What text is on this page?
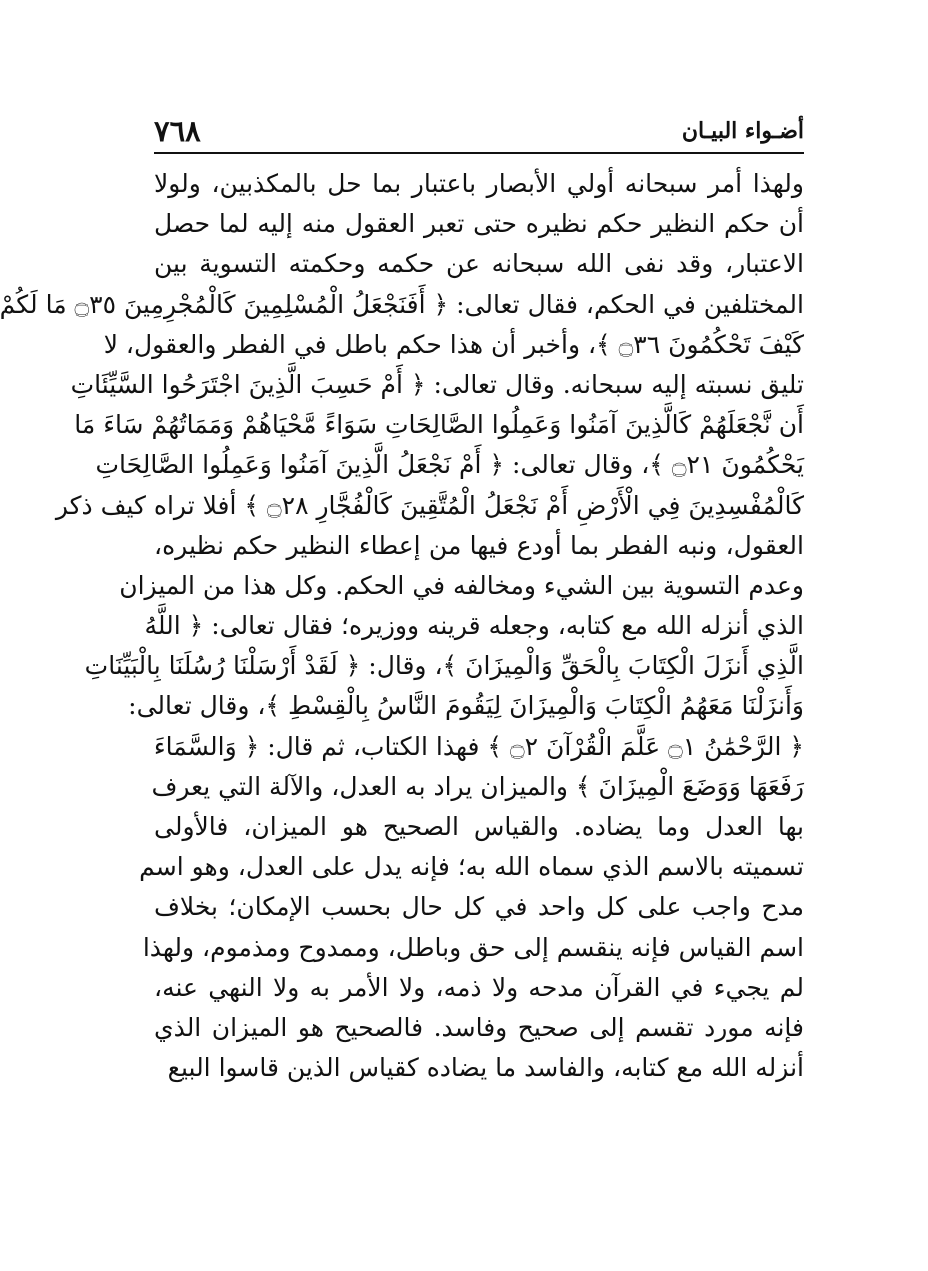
أضـواء البيـان
٧٦٨
ولهذا أمر سبحانه أولي الأبصار باعتبار بما حل بالمكذبين، ولولا
أن حكم النظير حكم نظيره حتى تعبر العقول منه إليه لما حصل
الاعتبار، وقد نفى الله سبحانه عن حكمه وحكمته التسوية بين
المختلفين في الحكم، فقال تعالى: ﴿ أَفَنَجْعَلُ الْمُسْلِمِينَ كَالْمُجْرِمِينَ ۝٣٥ مَا لَكُمْ
كَيْفَ تَحْكُمُونَ ۝٣٦ ﴾، وأخبر أن هذا حكم باطل في الفطر والعقول، لا
تليق نسبته إليه سبحانه. وقال تعالى: ﴿ أَمْ حَسِبَ الَّذِينَ اجْتَرَحُوا السَّيِّئَاتِ
أَن نَّجْعَلَهُمْ كَالَّذِينَ آمَنُوا وَعَمِلُوا الصَّالِحَاتِ سَوَاءً مَّحْيَاهُمْ وَمَمَاتُهُمْ سَاءَ مَا
يَحْكُمُونَ ۝٢١ ﴾، وقال تعالى: ﴿ أَمْ نَجْعَلُ الَّذِينَ آمَنُوا وَعَمِلُوا الصَّالِحَاتِ
كَالْمُفْسِدِينَ فِي الْأَرْضِ أَمْ نَجْعَلُ الْمُتَّقِينَ كَالْفُجَّارِ ۝٢٨ ﴾ أفلا تراه كيف ذكر
العقول، ونبه الفطر بما أودع فيها من إعطاء النظير حكم نظيره،
وعدم التسوية بين الشيء ومخالفه في الحكم. وكل هذا من الميزان
الذي أنزله الله مع كتابه، وجعله قرينه ووزيره؛ فقال تعالى: ﴿ اللَّهُ
الَّذِي أَنزَلَ الْكِتَابَ بِالْحَقِّ وَالْمِيزَانَ ﴾، وقال: ﴿ لَقَدْ أَرْسَلْنَا رُسُلَنَا بِالْبَيِّنَاتِ
وَأَنزَلْنَا مَعَهُمُ الْكِتَابَ وَالْمِيزَانَ لِيَقُومَ النَّاسُ بِالْقِسْطِ ﴾، وقال تعالى:
﴿ الرَّحْمَٰنُ ۝١ عَلَّمَ الْقُرْآنَ ۝٢ ﴾ فهذا الكتاب، ثم قال: ﴿ وَالسَّمَاءَ
رَفَعَهَا وَوَضَعَ الْمِيزَانَ ﴾ والميزان يراد به العدل، والآلة التي يعرف
بها العدل وما يضاده. والقياس الصحيح هو الميزان، فالأولى
تسميته بالاسم الذي سماه الله به؛ فإنه يدل على العدل، وهو اسم
مدح واجب على كل واحد في كل حال بحسب الإمكان؛ بخلاف
اسم القياس فإنه ينقسم إلى حق وباطل، وممدوح ومذموم، ولهذا
لم يجيء في القرآن مدحه ولا ذمه، ولا الأمر به ولا النهي عنه،
فإنه مورد تقسم إلى صحيح وفاسد. فالصحيح هو الميزان الذي
أنزله الله مع كتابه، والفاسد ما يضاده كقياس الذين قاسوا البيع
